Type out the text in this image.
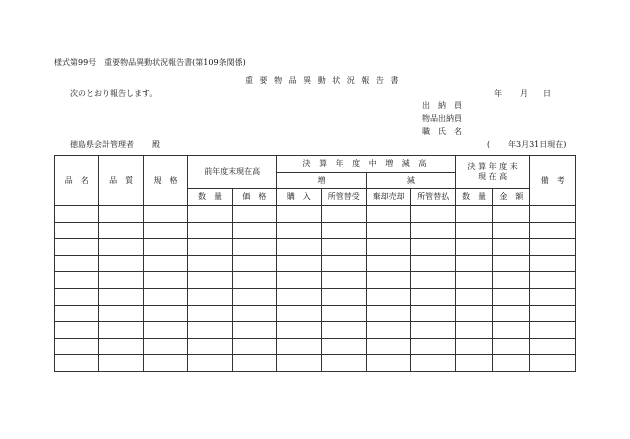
様式第99号　重要物品異動状況報告書(第109条関係)
重 要 物 品 異 動 状 況 報 告 書
次のとおり報告します。	年 月 日
出　納　員
物品出納員
職　氏　名
徳島県会計管理者 殿	( 年3月31日現在)
品　名	品　質	規　格	前年度末現在高		決 算 年 度 中 増 減 高				決 算 年 度 末 現 在 高		備　考
					増		減				
			数　量	価　格	購　入	所管替受	棄却売却	所管替払	数　量	金　額	
